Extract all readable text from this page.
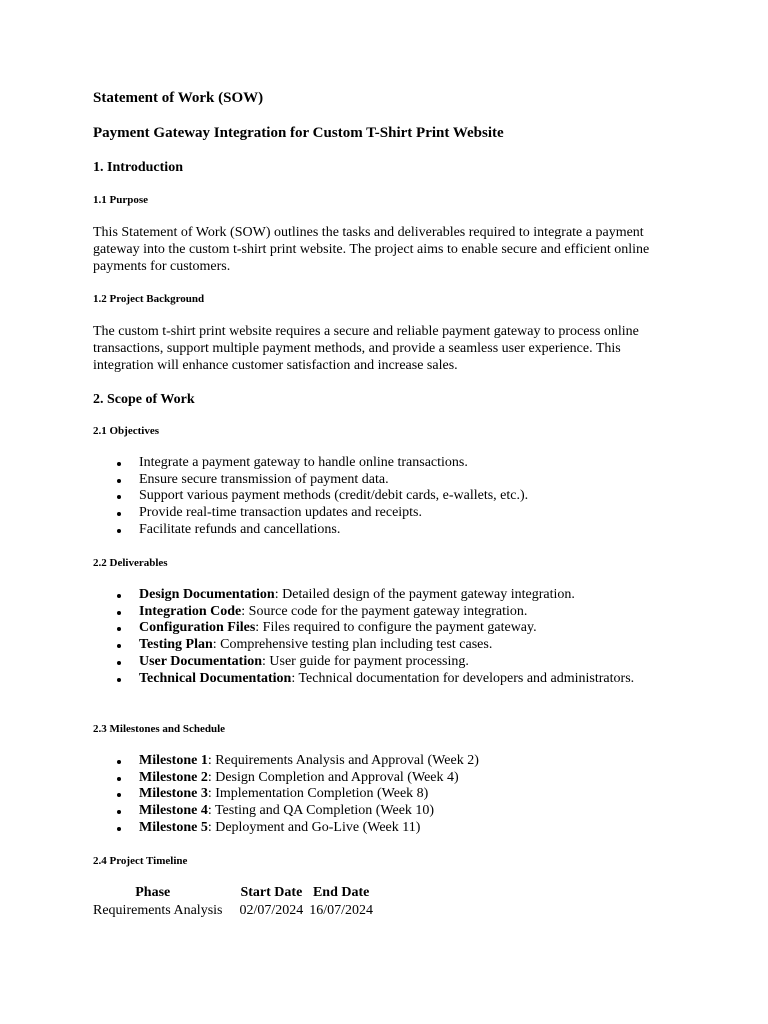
Statement of Work (SOW)

Payment Gateway Integration for Custom T-Shirt Print Website

1. Introduction

1.1 Purpose

This Statement of Work (SOW) outlines the tasks and deliverables required to integrate a payment gateway into the custom t-shirt print website. The project aims to enable secure and efficient online payments for customers.

1.2 Project Background

The custom t-shirt print website requires a secure and reliable payment gateway to process online transactions, support multiple payment methods, and provide a seamless user experience. This integration will enhance customer satisfaction and increase sales.

2. Scope of Work

2.1 Objectives

Integrate a payment gateway to handle online transactions.
Ensure secure transmission of payment data.
Support various payment methods (credit/debit cards, e-wallets, etc.).
Provide real-time transaction updates and receipts.
Facilitate refunds and cancellations.

2.2 Deliverables

Design Documentation: Detailed design of the payment gateway integration.
Integration Code: Source code for the payment gateway integration.
Configuration Files: Files required to configure the payment gateway.
Testing Plan: Comprehensive testing plan including test cases.
User Documentation: User guide for payment processing.
Technical Documentation: Technical documentation for developers and administrators.

2.3 Milestones and Schedule

Milestone 1: Requirements Analysis and Approval (Week 2)
Milestone 2: Design Completion and Approval (Week 4)
Milestone 3: Implementation Completion (Week 8)
Milestone 4: Testing and QA Completion (Week 10)
Milestone 5: Deployment and Go-Live (Week 11)

2.4 Project Timeline

Phase	Start Date	End Date
Requirements Analysis	02/07/2024	16/07/2024
